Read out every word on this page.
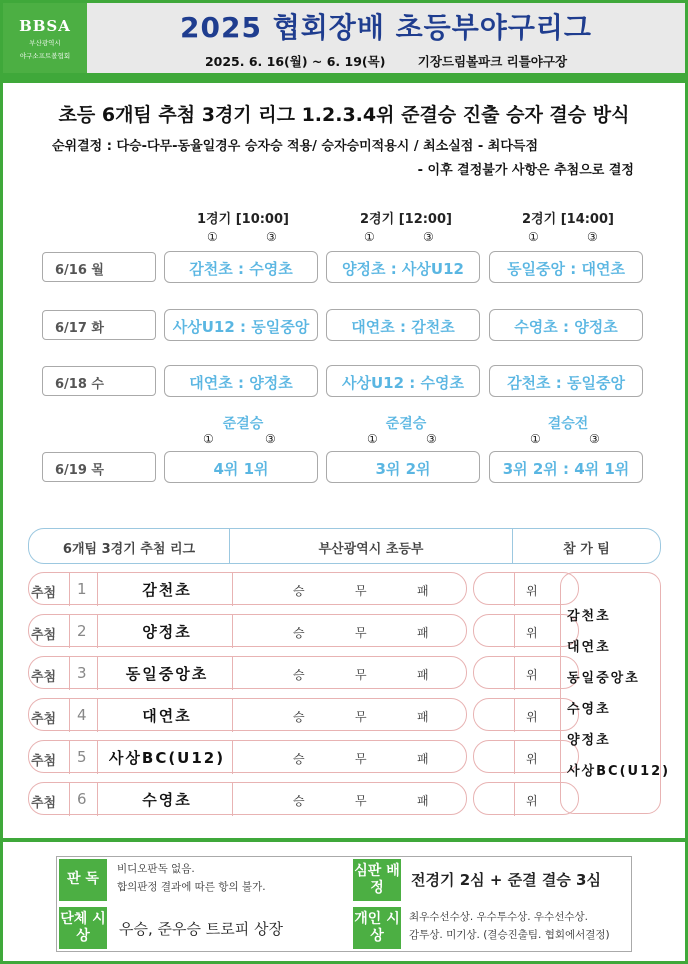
BBSA
부산광역시
야구소프트볼협회
2025 협회장배 초등부야구리그
2025. 6. 16(월) ~ 6. 19(목)	기장드림볼파크 리틀야구장
초등 6개팀 추첨 3경기 리그 1.2.3.4위 준결승 진출 승자 결승 방식
순위결정 : 다승-다무-동율일경우 승자승 적용/ 승자승미적용시 / 최소실점 - 최다득점
- 이후 결정불가 사항은 추첨으로 결정
1경기 [10:00]	2경기 [12:00]	2경기 [14:00]
①	③	①	③	①	③
6/16 월	감천초 : 수영초	양정초 : 사상U12	동일중앙 : 대연초
6/17 화	사상U12 : 동일중앙	대연초 : 감천초	수영초 : 양정초
6/18 수	대연초 : 양정초	사상U12 : 수영초	감천초 : 동일중앙
준결승	준결승	결승전
①	③	①	③	①	③
6/19 목	4위 1위	3위 2위	3위 2위 : 4위 1위
6개팀 3경기 추첨 리그	부산광역시 초등부	참 가 팀
추첨 1	감천초	승	무	패	위
추첨 2	양정초	승	무	패	위
추첨 3	동일중앙초	승	무	패	위
추첨 4	대연초	승	무	패	위
추첨 5	사상BC(U12)	승	무	패	위
추첨 6	수영초	승	무	패	위
감천초
대연초
동일중앙초
수영초
양정초
사상BC(U12)
판 독
비디오판독 없음.
합의판정 결과에 따른 항의 불가.
심판 배정	전경기 2심 + 준결 결승 3심
단체 시상	우승, 준우승 트로피 상장
개인 시상
최우수선수상. 우수투수상. 우수선수상.
감투상. 미기상. (결승진출팀. 협회에서결정)
